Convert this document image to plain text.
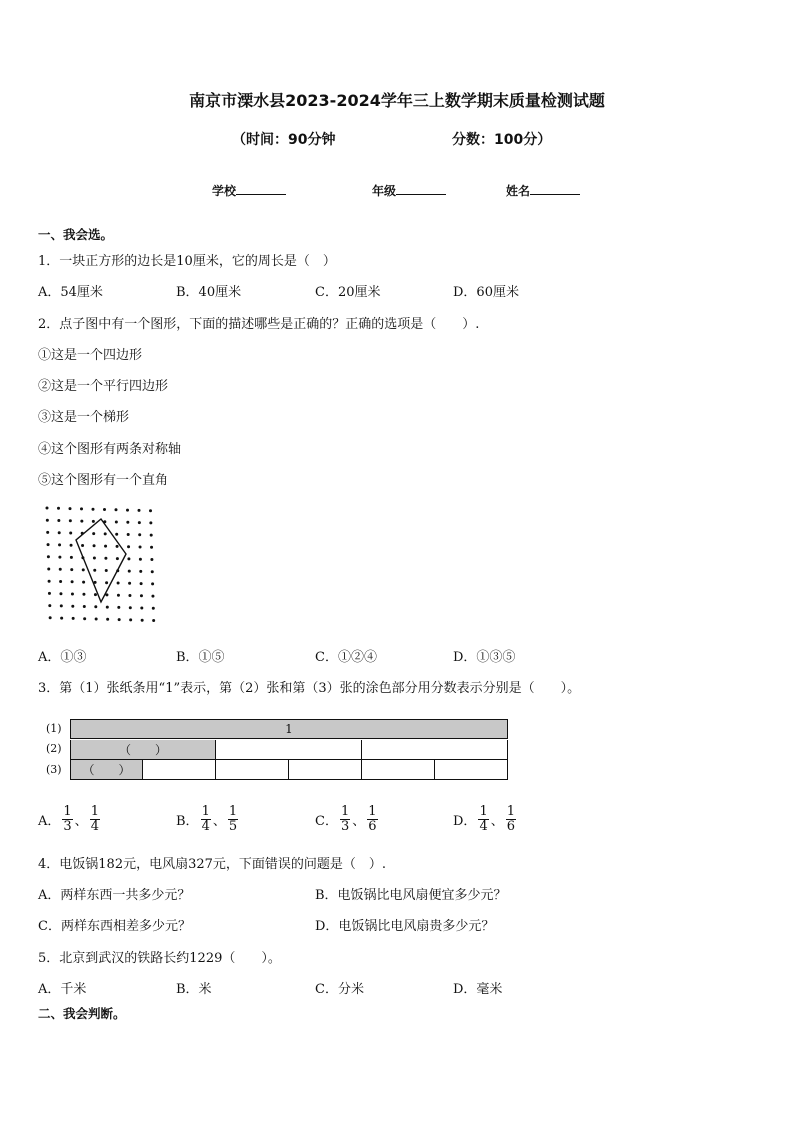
南京市溧水县2023-2024学年三上数学期末质量检测试题
（时间：90分钟	分数：100分）
学校	年级	姓名
一、我会选。
1．一块正方形的边长是10厘米，它的周长是（　）
A．54厘米	B．40厘米	C．20厘米	D．60厘米
2．点子图中有一个图形，下面的描述哪些是正确的？正确的选项是（　　）.
①这是一个四边形
②这是一个平行四边形
③这是一个梯形
④这个图形有两条对称轴
⑤这个图形有一个直角
A．①③	B．①⑤	C．①②④	D．①③⑤
3．第（1）张纸条用“1”表示，第（2）张和第（3）张的涂色部分用分数表示分别是（　　）。
(1)
(2)
(3)
1
（　　）
（　　）
A． $\frac{1}{3}$ 、 $\frac{1}{4}$	B． $\frac{1}{4}$ 、 $\frac{1}{5}$	C． $\frac{1}{3}$ 、 $\frac{1}{6}$	D． $\frac{1}{4}$ 、 $\frac{1}{6}$
4．电饭锅182元，电风扇327元，下面错误的问题是（　）.
A．两样东西一共多少元？	B．电饭锅比电风扇便宜多少元？
C．两样东西相差多少元？	D．电饭锅比电风扇贵多少元？
5．北京到武汉的铁路长约1229（　　）。
A．千米	B．米	C．分米	D．毫米
二、我会判断。
